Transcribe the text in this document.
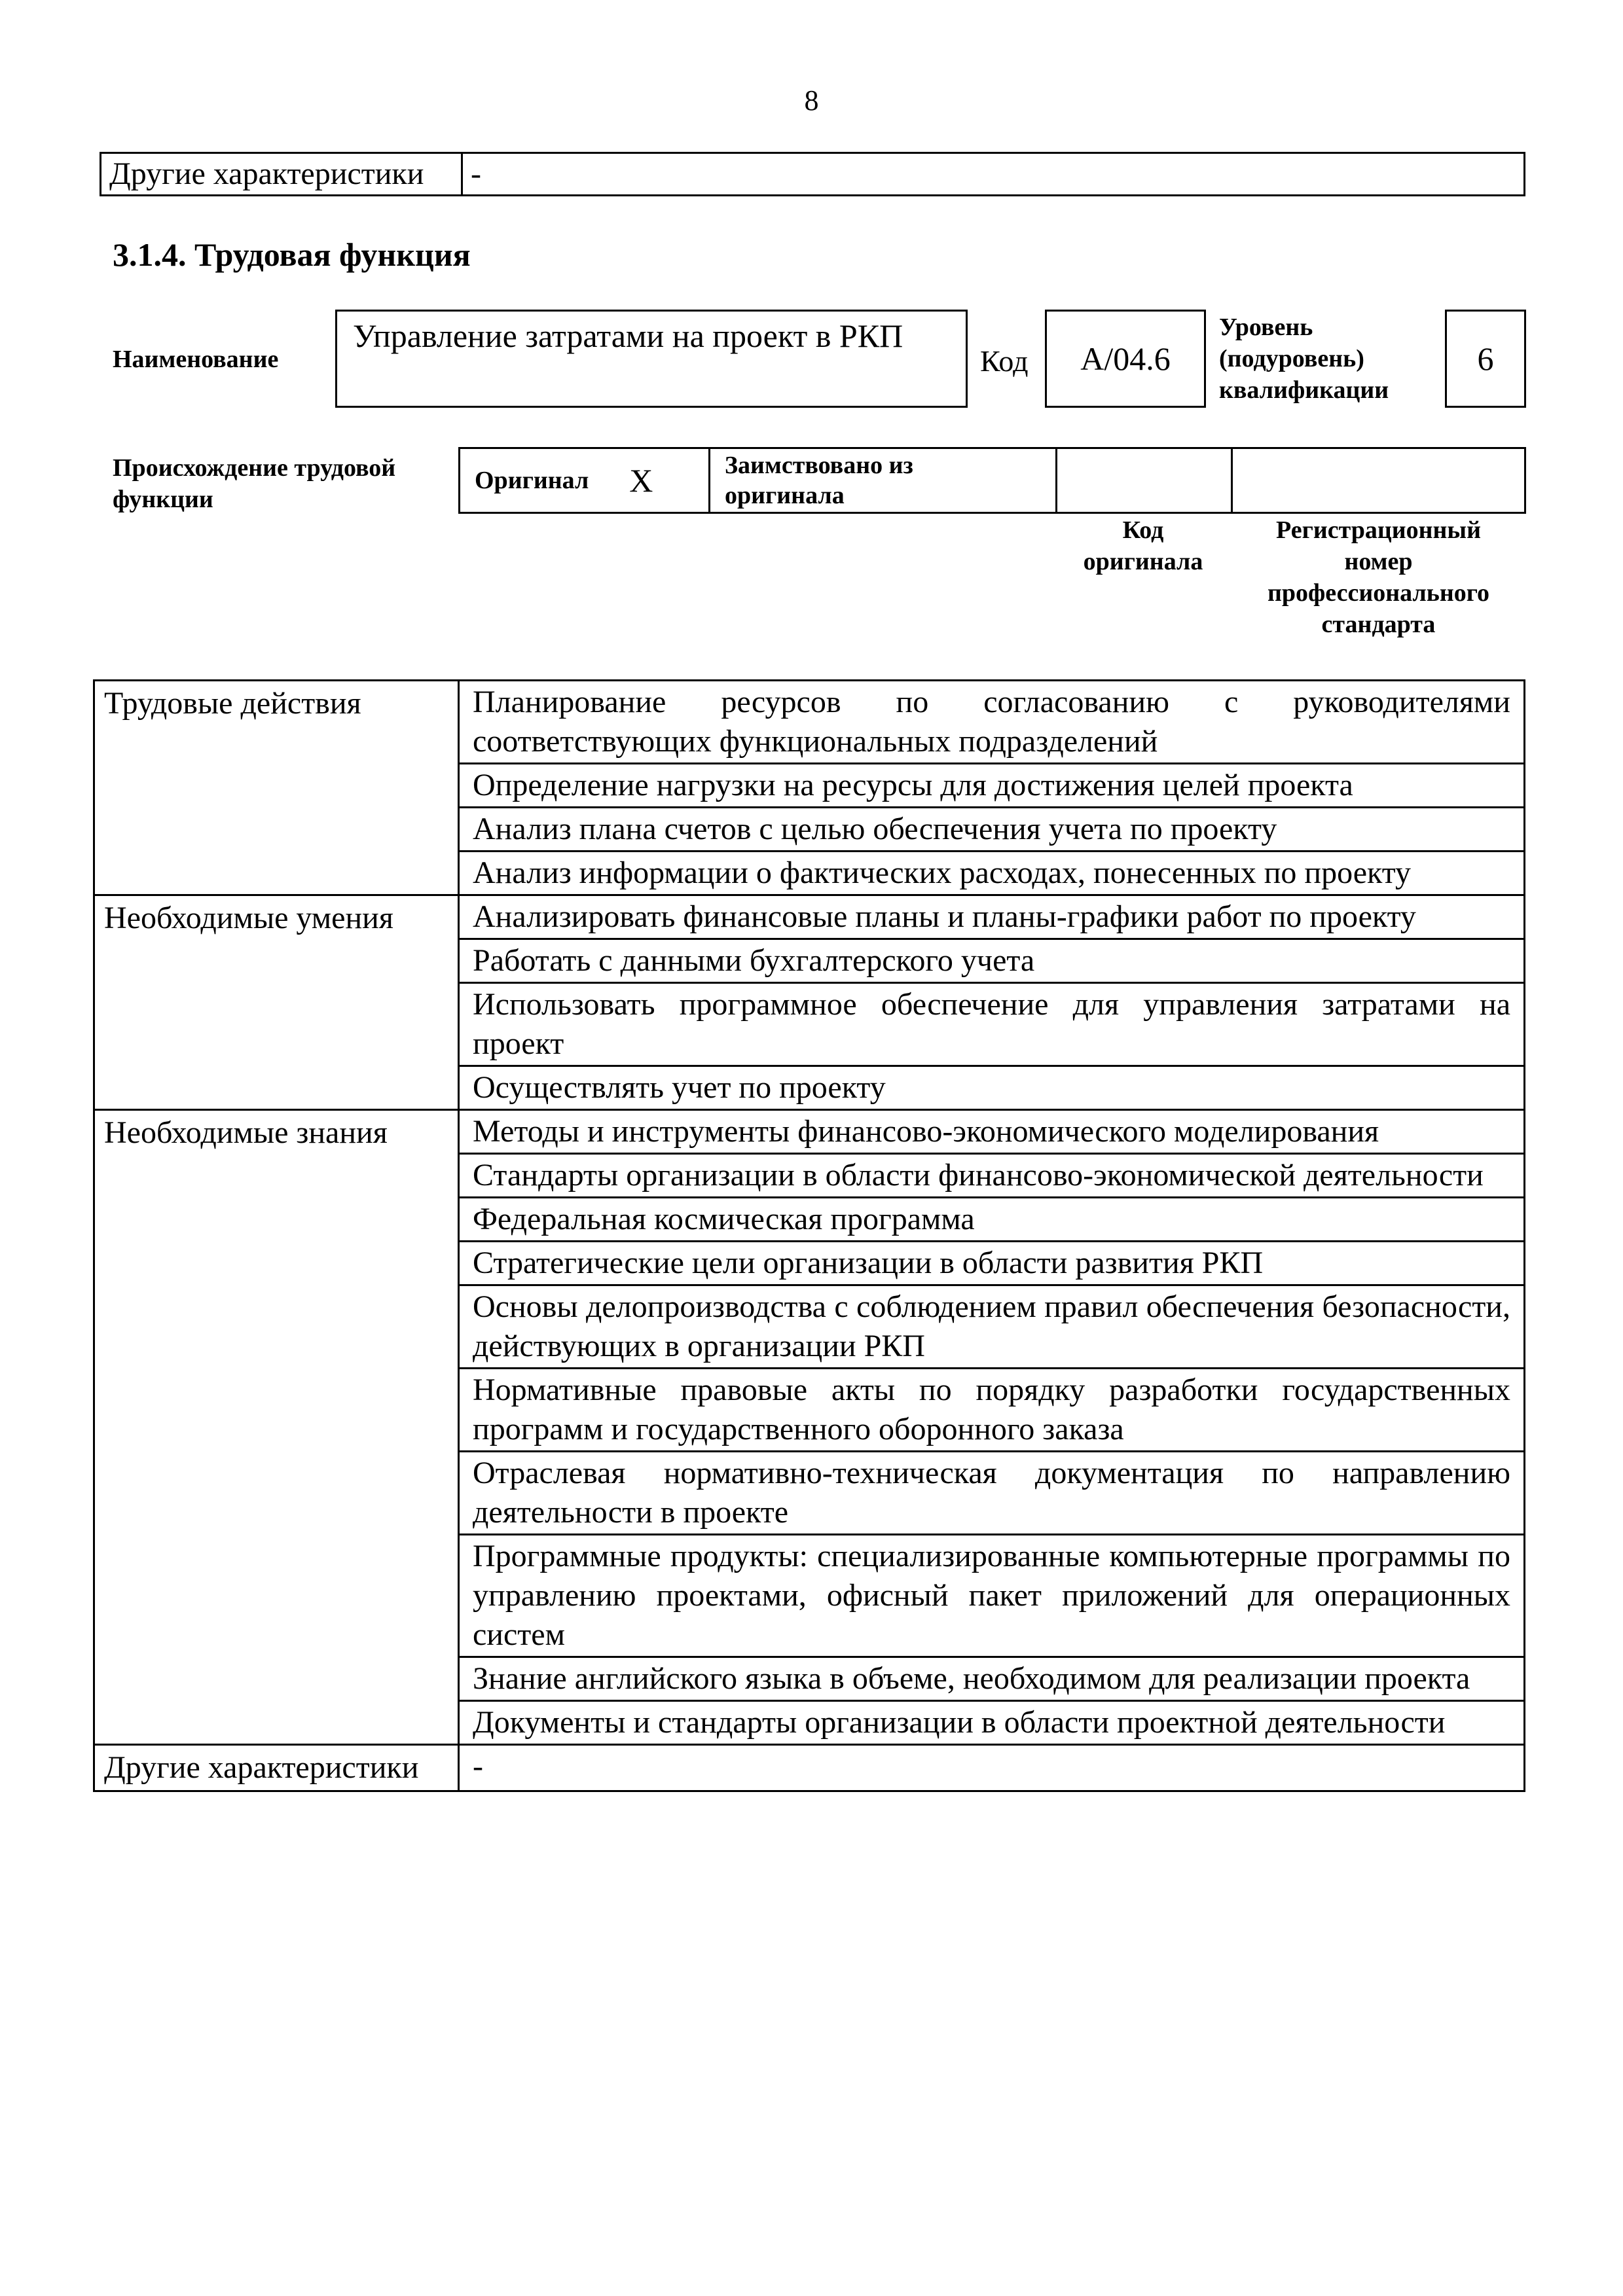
8
Другие характеристики	-
3.1.4. Трудовая функция
Наименование
Управление затратами на проект в РКП
Код	A/04.6
Уровень
(подуровень)
квалификации
6
Происхождение трудовой
функции
Оригинал X	Заимствовано из
оригинала

Код
оригинала
Регистрационный
номер
профессионального
стандарта
Трудовые действия	Планирование ресурсов по согласованию с руководителями соответствующих функциональных подразделений
	Определение нагрузки на ресурсы для достижения целей проекта
	Анализ плана счетов с целью обеспечения учета по проекту
	Анализ информации о фактических расходах, понесенных по проекту
Необходимые умения	Анализировать финансовые планы и планы-графики работ по проекту
	Работать с данными бухгалтерского учета
	Использовать программное обеспечение для управления затратами на проект
	Осуществлять учет по проекту
Необходимые знания	Методы и инструменты финансово-экономического моделирования
	Стандарты организации в области финансово-экономической деятельности
	Федеральная космическая программа
	Стратегические цели организации в области развития РКП
	Основы делопроизводства с соблюдением правил обеспечения безопасности, действующих в организации РКП
	Нормативные правовые акты по порядку разработки государственных программ и государственного оборонного заказа
	Отраслевая нормативно-техническая документация по направлению деятельности в проекте
	Программные продукты: специализированные компьютерные программы по управлению проектами, офисный пакет приложений для операционных систем
	Знание английского языка в объеме, необходимом для реализации проекта
	Документы и стандарты организации в области проектной деятельности
Другие характеристики	-
